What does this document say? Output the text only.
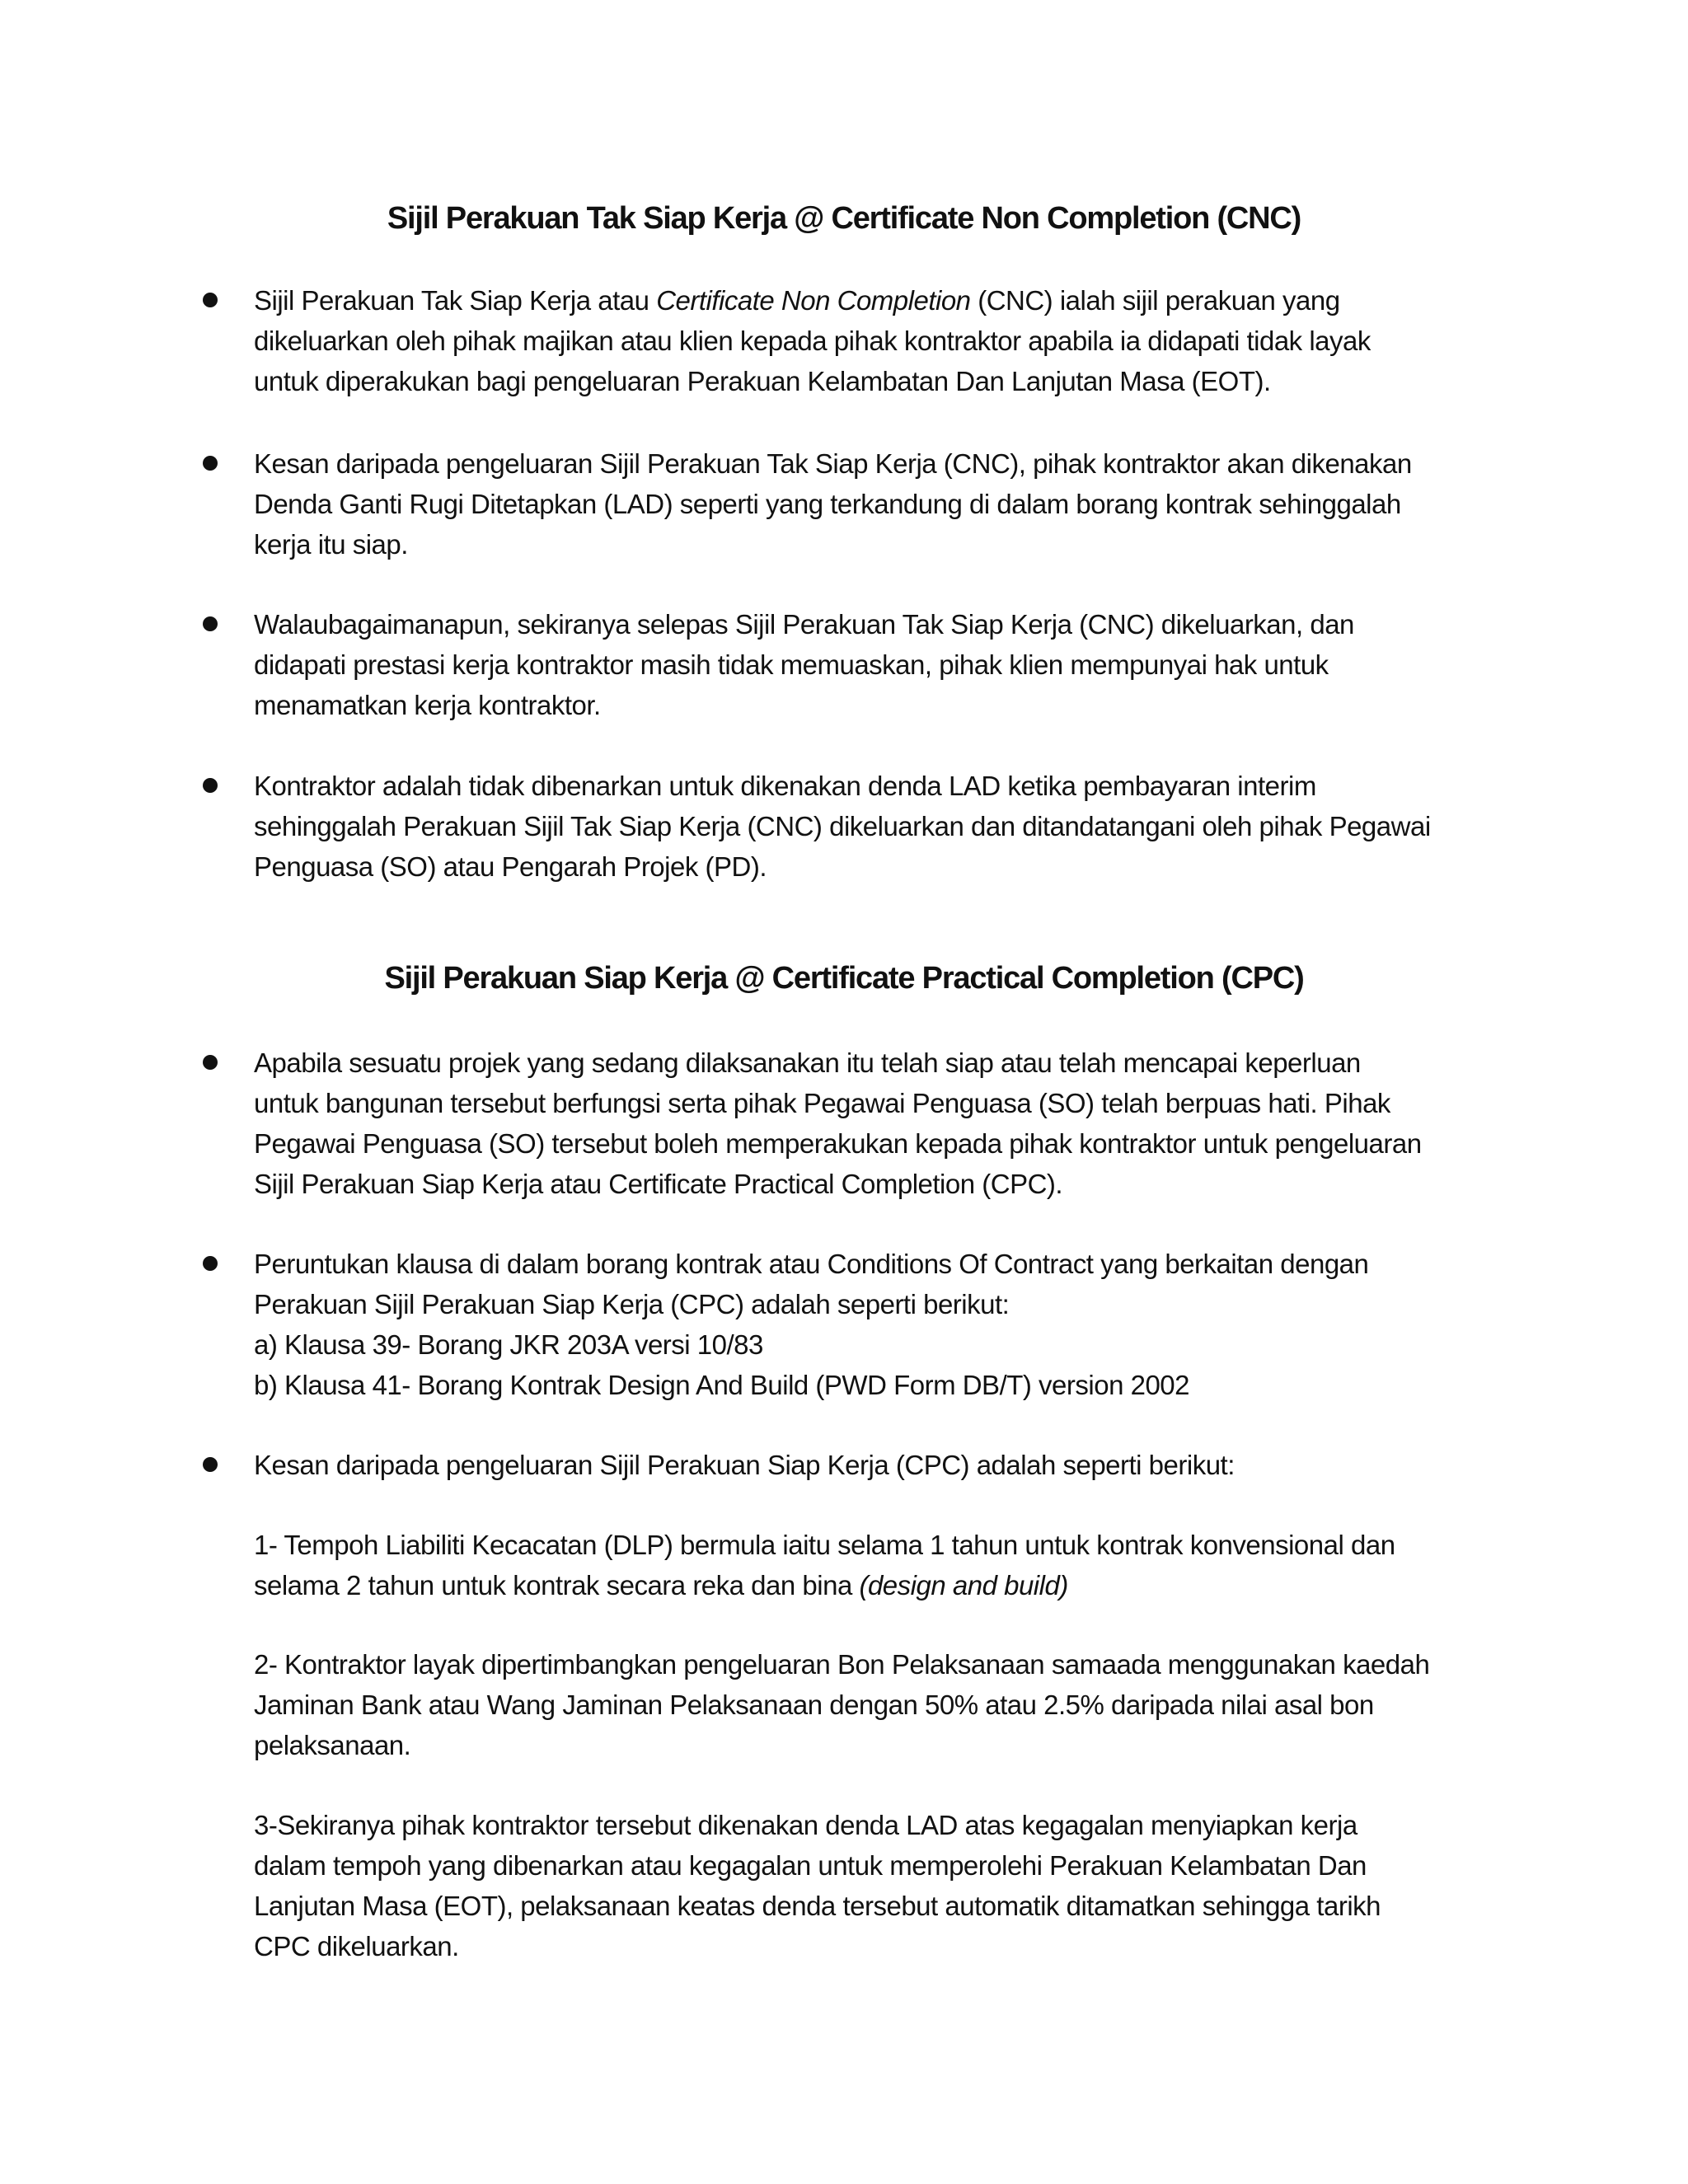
Sijil Perakuan Tak Siap Kerja @ Certificate Non Completion (CNC)
Sijil Perakuan Tak Siap Kerja atau Certificate Non Completion (CNC) ialah sijil perakuan yang
dikeluarkan oleh pihak majikan atau klien kepada pihak kontraktor apabila ia didapati tidak layak
untuk diperakukan bagi pengeluaran Perakuan Kelambatan Dan Lanjutan Masa (EOT).
Kesan daripada pengeluaran Sijil Perakuan Tak Siap Kerja (CNC), pihak kontraktor akan dikenakan
Denda Ganti Rugi Ditetapkan (LAD) seperti yang terkandung di dalam borang kontrak sehinggalah
kerja itu siap.
Walaubagaimanapun, sekiranya selepas Sijil Perakuan Tak Siap Kerja (CNC) dikeluarkan, dan
didapati prestasi kerja kontraktor masih tidak memuaskan, pihak klien mempunyai hak untuk
menamatkan kerja kontraktor.
Kontraktor adalah tidak dibenarkan untuk dikenakan denda LAD ketika pembayaran interim
sehinggalah Perakuan Sijil Tak Siap Kerja (CNC) dikeluarkan dan ditandatangani oleh pihak Pegawai
Penguasa (SO) atau Pengarah Projek (PD).
Sijil Perakuan Siap Kerja @ Certificate Practical Completion (CPC)
Apabila sesuatu projek yang sedang dilaksanakan itu telah siap atau telah mencapai keperluan
untuk bangunan tersebut berfungsi serta pihak Pegawai Penguasa (SO) telah berpuas hati. Pihak
Pegawai Penguasa (SO) tersebut boleh memperakukan kepada pihak kontraktor untuk pengeluaran
Sijil Perakuan Siap Kerja atau Certificate Practical Completion (CPC).
Peruntukan klausa di dalam borang kontrak atau Conditions Of Contract yang berkaitan dengan
Perakuan Sijil Perakuan Siap Kerja (CPC) adalah seperti berikut:
a) Klausa 39- Borang JKR 203A versi 10/83
b) Klausa 41- Borang Kontrak Design And Build (PWD Form DB/T) version 2002
Kesan daripada pengeluaran Sijil Perakuan Siap Kerja (CPC) adalah seperti berikut:
1- Tempoh Liabiliti Kecacatan (DLP) bermula iaitu selama 1 tahun untuk kontrak konvensional dan
selama 2 tahun untuk kontrak secara reka dan bina (design and build)
2- Kontraktor layak dipertimbangkan pengeluaran Bon Pelaksanaan samaada menggunakan kaedah
Jaminan Bank atau Wang Jaminan Pelaksanaan dengan 50% atau 2.5% daripada nilai asal bon
pelaksanaan.
3-Sekiranya pihak kontraktor tersebut dikenakan denda LAD atas kegagalan menyiapkan kerja
dalam tempoh yang dibenarkan atau kegagalan untuk memperolehi Perakuan Kelambatan Dan
Lanjutan Masa (EOT), pelaksanaan keatas denda tersebut automatik ditamatkan sehingga tarikh
CPC dikeluarkan.
